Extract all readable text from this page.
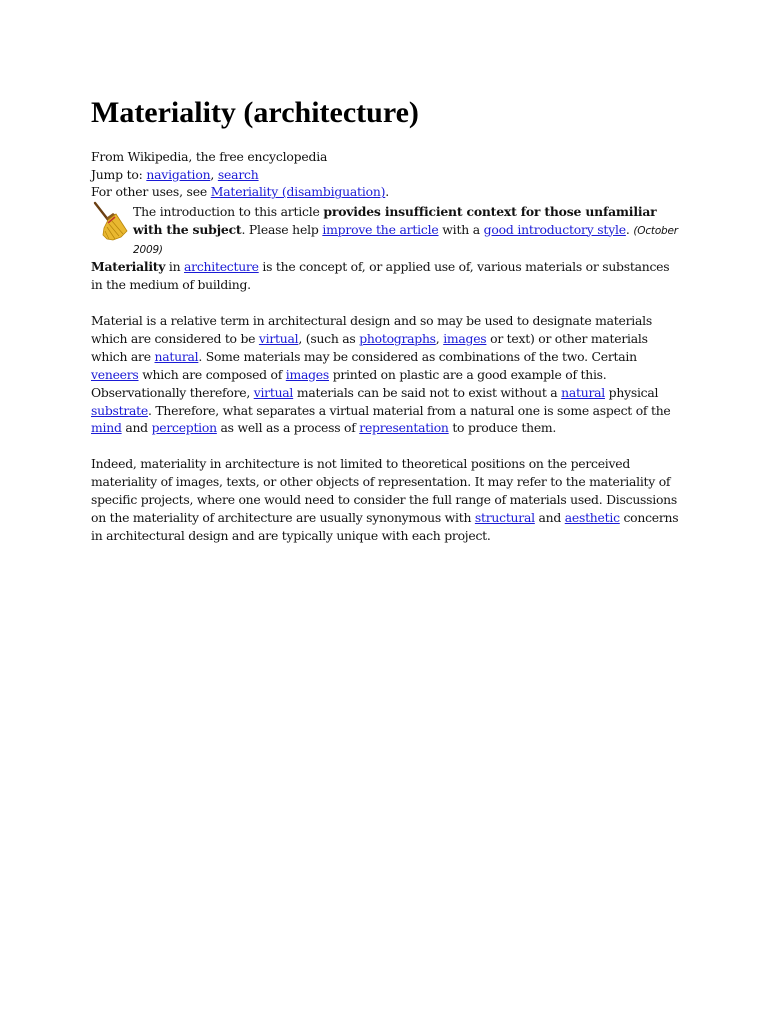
Materiality (architecture)
From Wikipedia, the free encyclopedia
Jump to: navigation, search
For other uses, see Materiality (disambiguation).
The introduction to this article provides insufficient context for those unfamiliar with the subject. Please help improve the article with a good introductory style. (October 2009)

Materiality in architecture is the concept of, or applied use of, various materials or substances in the medium of building.

Material is a relative term in architectural design and so may be used to designate materials which are considered to be virtual, (such as photographs, images or text) or other materials which are natural. Some materials may be considered as combinations of the two. Certain veneers which are composed of images printed on plastic are a good example of this. Observationally therefore, virtual materials can be said not to exist without a natural physical substrate. Therefore, what separates a virtual material from a natural one is some aspect of the mind and perception as well as a process of representation to produce them.

Indeed, materiality in architecture is not limited to theoretical positions on the perceived materiality of images, texts, or other objects of representation. It may refer to the materiality of specific projects, where one would need to consider the full range of materials used. Discussions on the materiality of architecture are usually synonymous with structural and aesthetic concerns in architectural design and are typically unique with each project.
